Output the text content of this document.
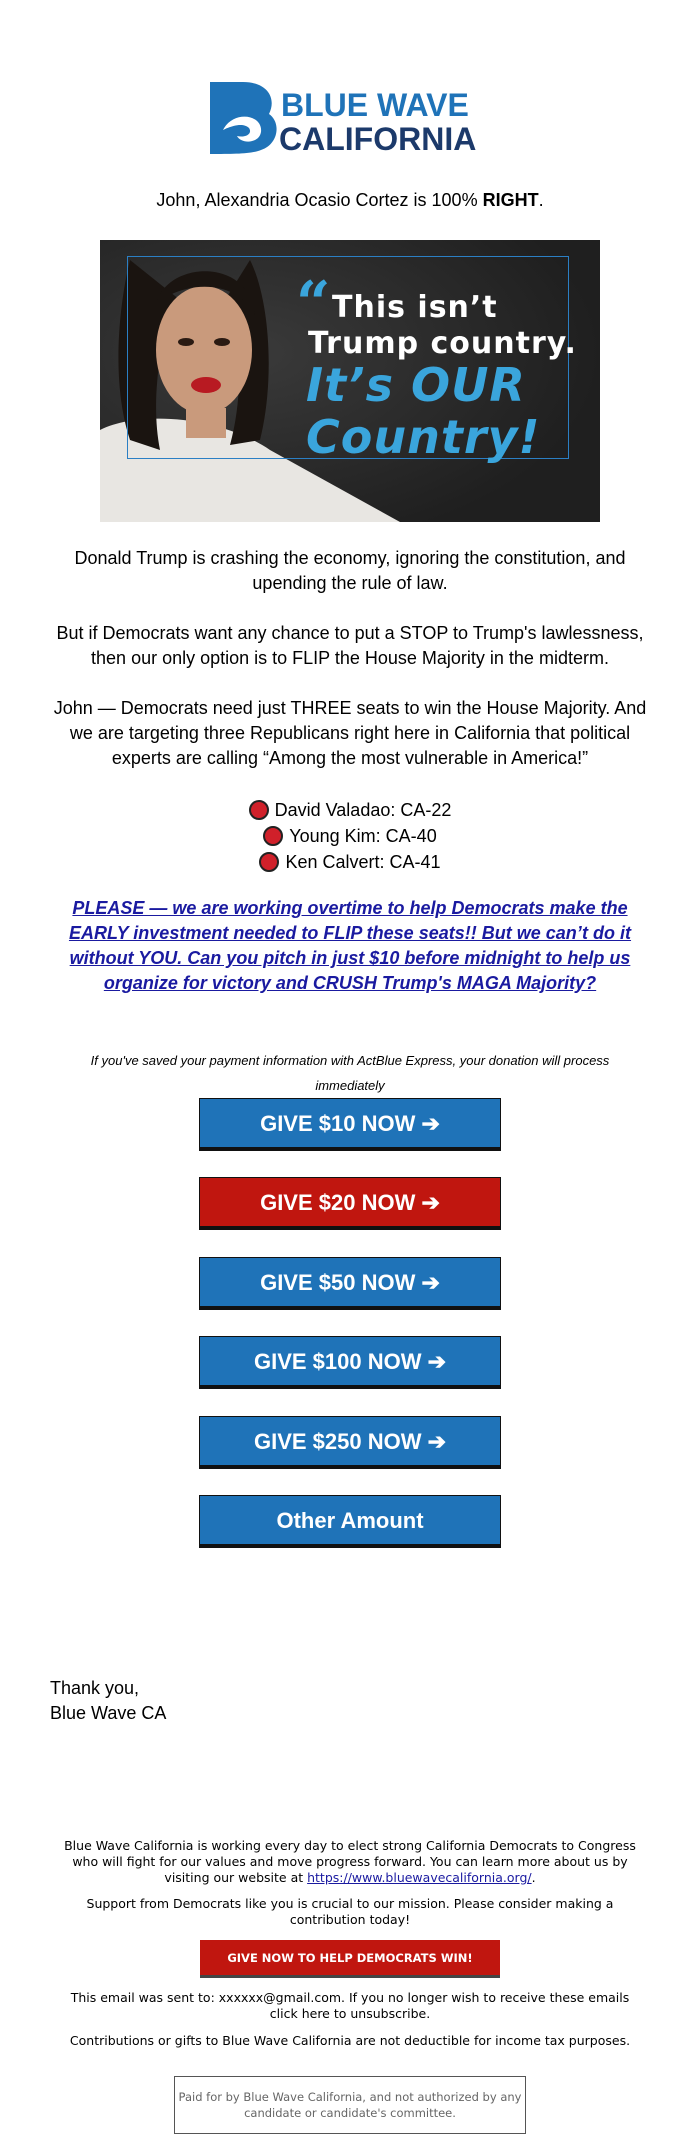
BLUE WAVE
CALIFORNIA
John, Alexandria Ocasio Cortez is 100% RIGHT.
“ This isn’t
Trump country.
It’s OUR
Country!
Donald Trump is crashing the economy, ignoring the constitution, and upending the rule of law.
But if Democrats want any chance to put a STOP to Trump's lawlessness, then our only option is to FLIP the House Majority in the midterm.
John — Democrats need just THREE seats to win the House Majority. And we are targeting three Republicans right here in California that political experts are calling “Among the most vulnerable in America!”
David Valadao: CA-22
Young Kim: CA-40
Ken Calvert: CA-41
PLEASE — we are working overtime to help Democrats make the EARLY investment needed to FLIP these seats!! But we can’t do it without YOU. Can you pitch in just $10 before midnight to help us organize for victory and CRUSH Trump's MAGA Majority?
If you've saved your payment information with ActBlue Express, your donation will process immediately
GIVE $10 NOW ➔
GIVE $20 NOW ➔
GIVE $50 NOW ➔
GIVE $100 NOW ➔
GIVE $250 NOW ➔
Other Amount
Thank you,
Blue Wave CA
Blue Wave California is working every day to elect strong California Democrats to Congress who will fight for our values and move progress forward. You can learn more about us by visiting our website at https://www.bluewavecalifornia.org/.
Support from Democrats like you is crucial to our mission. Please consider making a contribution today!
GIVE NOW TO HELP DEMOCRATS WIN!
This email was sent to: xxxxxx@gmail.com. If you no longer wish to receive these emails click here to unsubscribe.
Contributions or gifts to Blue Wave California are not deductible for income tax purposes.
Paid for by Blue Wave California, and not authorized by any candidate or candidate's committee.
